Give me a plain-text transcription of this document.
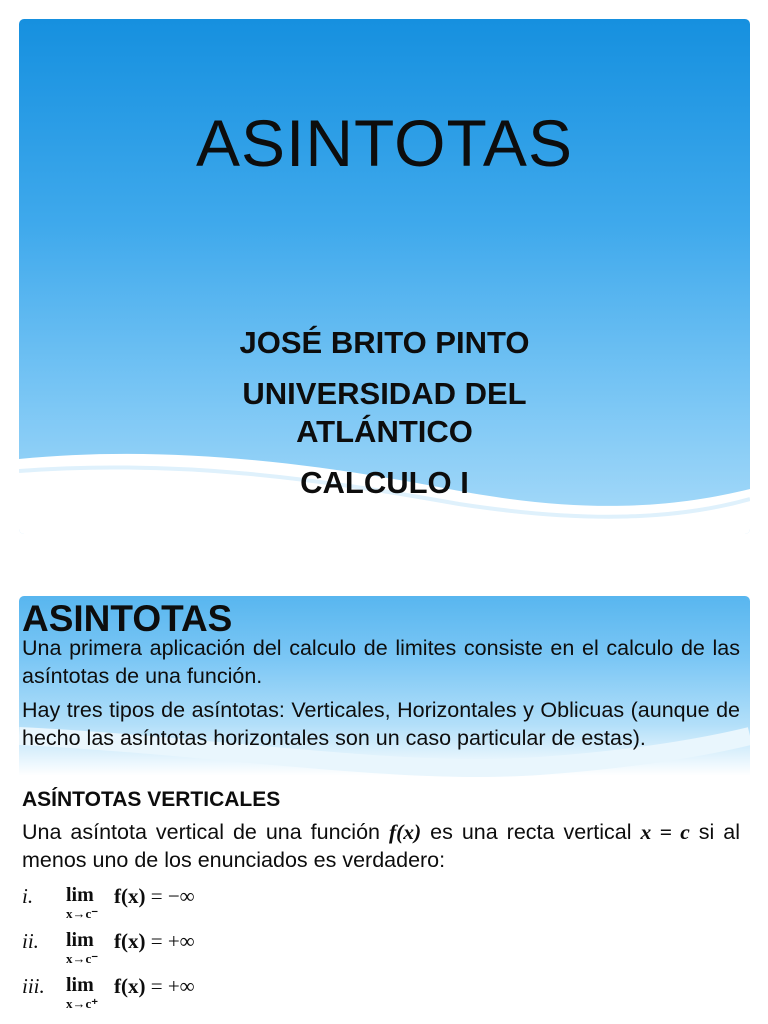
ASINTOTAS
JOSÉ BRITO PINTO
UNIVERSIDAD DEL
ATLÁNTICO
CALCULO I
ASINTOTAS
Una primera aplicación del calculo de limites consiste en el calculo de las asíntotas de una función.
Hay tres tipos de asíntotas: Verticales, Horizontales y Oblicuas (aunque de hecho las asíntotas horizontales son un caso particular de estas).
ASÍNTOTAS VERTICALES
Una asíntota vertical de una función f(x) es una recta vertical x = c si al menos uno de los enunciados es verdadero:
i. lim
x→c⁻
f(x) = −∞
ii. lim
x→c⁻
f(x) = +∞
iii. lim
x→c⁺
f(x) = +∞
